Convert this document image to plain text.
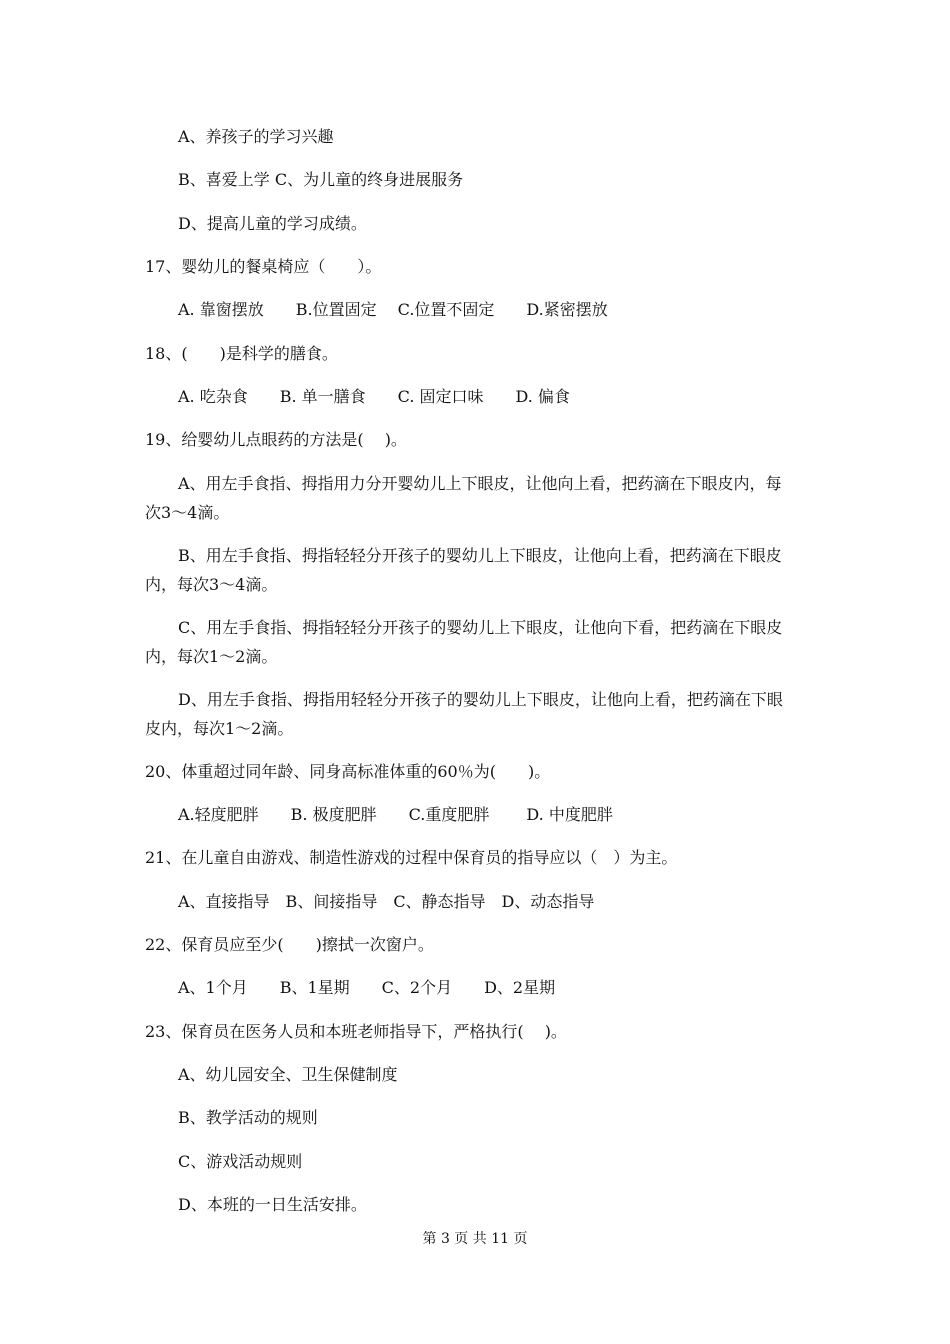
A、养孩子的学习兴趣
B、喜爱上学 C、为儿童的终身进展服务
D、提高儿童的学习成绩。
17、婴幼儿的餐桌椅应（　　）。
A. 靠窗摆放　　B.位置固定　 C.位置不固定　　D.紧密摆放
18、(　　)是科学的膳食。
A. 吃杂食　　B. 单一膳食　　C. 固定口味　　D. 偏食
19、给婴幼儿点眼药的方法是(　 )。
A、用左手食指、拇指用力分开婴幼儿上下眼皮，让他向上看，把药滴在下眼皮内，每
次3～4滴。
B、用左手食指、拇指轻轻分开孩子的婴幼儿上下眼皮，让他向上看，把药滴在下眼皮
内，每次3～4滴。
C、用左手食指、拇指轻轻分开孩子的婴幼儿上下眼皮，让他向下看，把药滴在下眼皮
内，每次1～2滴。
D、用左手食指、拇指用轻轻分开孩子的婴幼儿上下眼皮，让他向上看，把药滴在下眼
皮内，每次1～2滴。
20、体重超过同年龄、同身高标准体重的60％为(　　)。
A.轻度肥胖　　B. 极度肥胖　　C.重度肥胖　　 D. 中度肥胖
21、在儿童自由游戏、制造性游戏的过程中保育员的指导应以（　）为主。
A、直接指导　B、间接指导　C、静态指导　D、动态指导
22、保育员应至少(　　)擦拭一次窗户。
A、1个月　　B、1星期　　C、2个月　　D、2星期
23、保育员在医务人员和本班老师指导下，严格执行(　 )。
A、幼儿园安全、卫生保健制度
B、教学活动的规则
C、游戏活动规则
D、本班的一日生活安排。
第 3 页 共 11 页
